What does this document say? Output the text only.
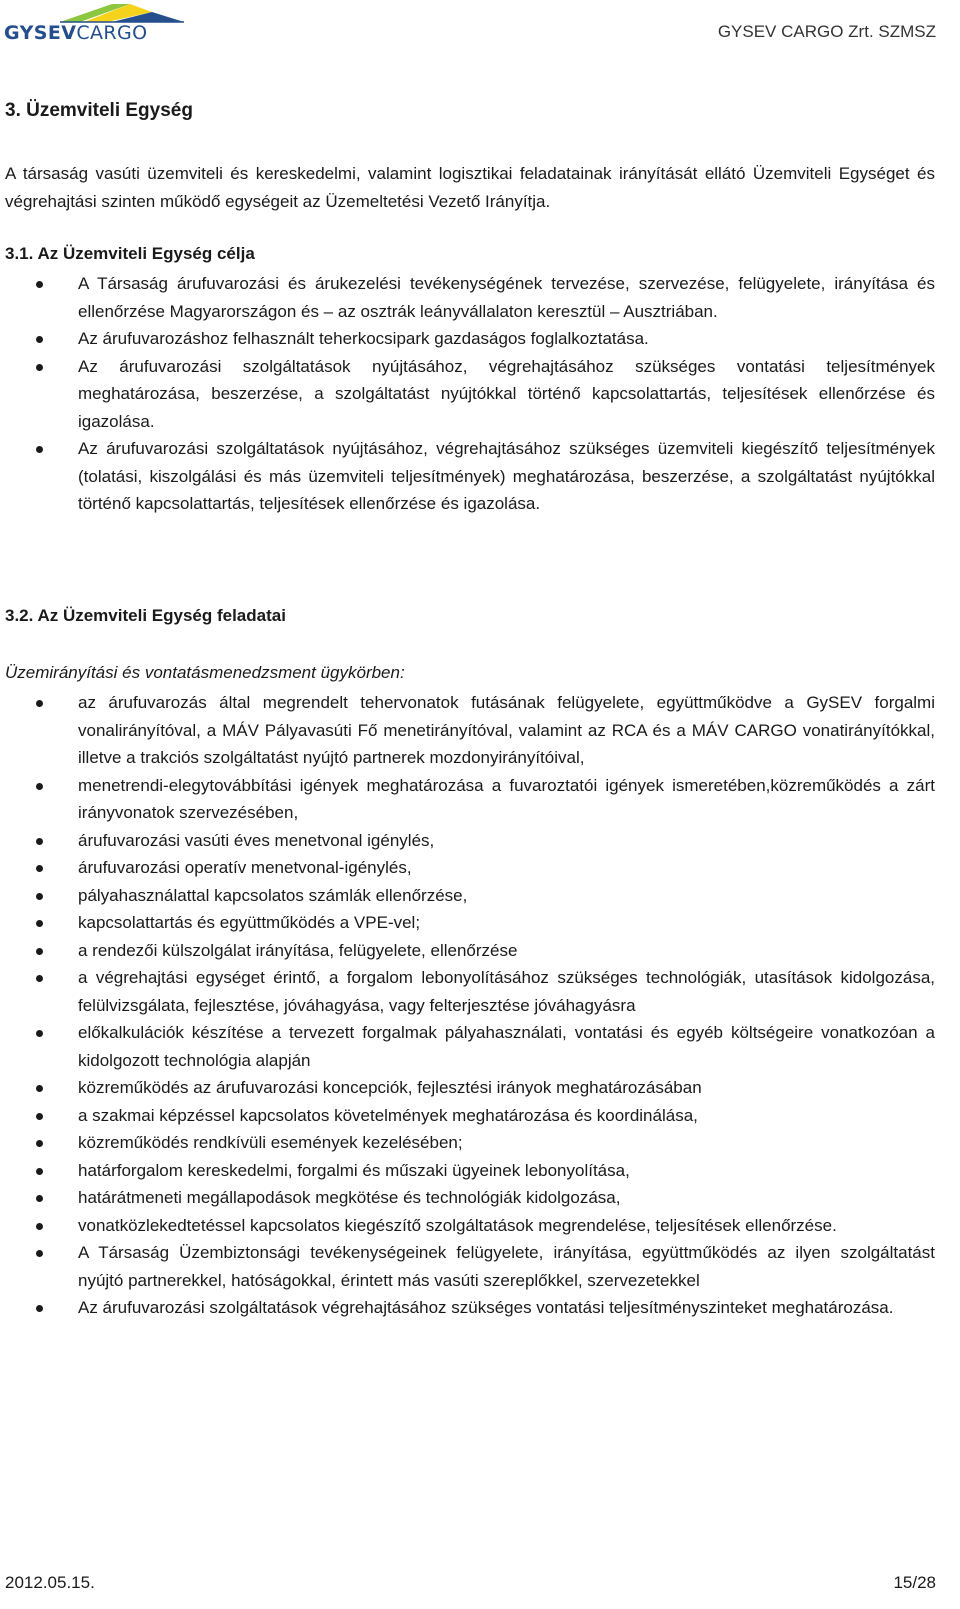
GYSEVCARGO	GYSEV CARGO Zrt. SZMSZ
3. Üzemviteli Egység
A társaság vasúti üzemviteli és kereskedelmi, valamint logisztikai feladatainak irányítását ellátó Üzemviteli Egységet és végrehajtási szinten működő egységeit az Üzemeltetési Vezető Irányítja.
3.1. Az Üzemviteli Egység célja
A Társaság árufuvarozási és árukezelési tevékenységének tervezése, szervezése, felügyelete, irányítása és ellenőrzése Magyarországon és – az osztrák leányvállalaton keresztül – Ausztriában.
Az árufuvarozáshoz felhasznált teherkocsipark gazdaságos foglalkoztatása.
Az árufuvarozási szolgáltatások nyújtásához, végrehajtásához szükséges vontatási teljesítmények meghatározása, beszerzése, a szolgáltatást nyújtókkal történő kapcsolattartás, teljesítések ellenőrzése és igazolása.
Az árufuvarozási szolgáltatások nyújtásához, végrehajtásához szükséges üzemviteli kiegészítő teljesítmények (tolatási, kiszolgálási és más üzemviteli teljesítmények) meghatározása, beszerzése, a szolgáltatást nyújtókkal történő kapcsolattartás, teljesítések ellenőrzése és igazolása.
3.2. Az Üzemviteli Egység feladatai
Üzemirányítási és vontatásmenedzsment ügykörben:
az árufuvarozás által megrendelt tehervonatok futásának felügyelete, együttműködve a GySEV forgalmi vonalirányítóval, a MÁV Pályavasúti Fő menetirányítóval, valamint az RCA és a MÁV CARGO vonatirányítókkal, illetve a trakciós szolgáltatást nyújtó partnerek mozdonyirányítóival,
menetrendi-elegytovábbítási igények meghatározása a fuvaroztatói igények ismeretében,közreműködés a zárt irányvonatok szervezésében,
árufuvarozási vasúti éves menetvonal igénylés,
árufuvarozási operatív menetvonal-igénylés,
pályahasználattal kapcsolatos számlák ellenőrzése,
kapcsolattartás és együttműködés a VPE-vel;
a rendezői külszolgálat irányítása, felügyelete, ellenőrzése
a végrehajtási egységet érintő, a forgalom lebonyolításához szükséges technológiák, utasítások kidolgozása, felülvizsgálata, fejlesztése, jóváhagyása, vagy felterjesztése jóváhagyásra
előkalkulációk készítése a tervezett forgalmak pályahasználati, vontatási és egyéb költségeire vonatkozóan a kidolgozott technológia alapján
közreműködés az árufuvarozási koncepciók, fejlesztési irányok meghatározásában
a szakmai képzéssel kapcsolatos követelmények meghatározása és koordinálása,
közreműködés rendkívüli események kezelésében;
határforgalom kereskedelmi, forgalmi és műszaki ügyeinek lebonyolítása,
határátmeneti megállapodások megkötése és technológiák kidolgozása,
vonatközlekedtetéssel kapcsolatos kiegészítő szolgáltatások megrendelése, teljesítések ellenőrzése.
A Társaság Üzembiztonsági tevékenységeinek felügyelete, irányítása, együttműködés az ilyen szolgáltatást nyújtó partnerekkel, hatóságokkal, érintett más vasúti szereplőkkel, szervezetekkel
Az árufuvarozási szolgáltatások végrehajtásához szükséges vontatási teljesítményszinteket meghatározása.
2012.05.15.	15/28
